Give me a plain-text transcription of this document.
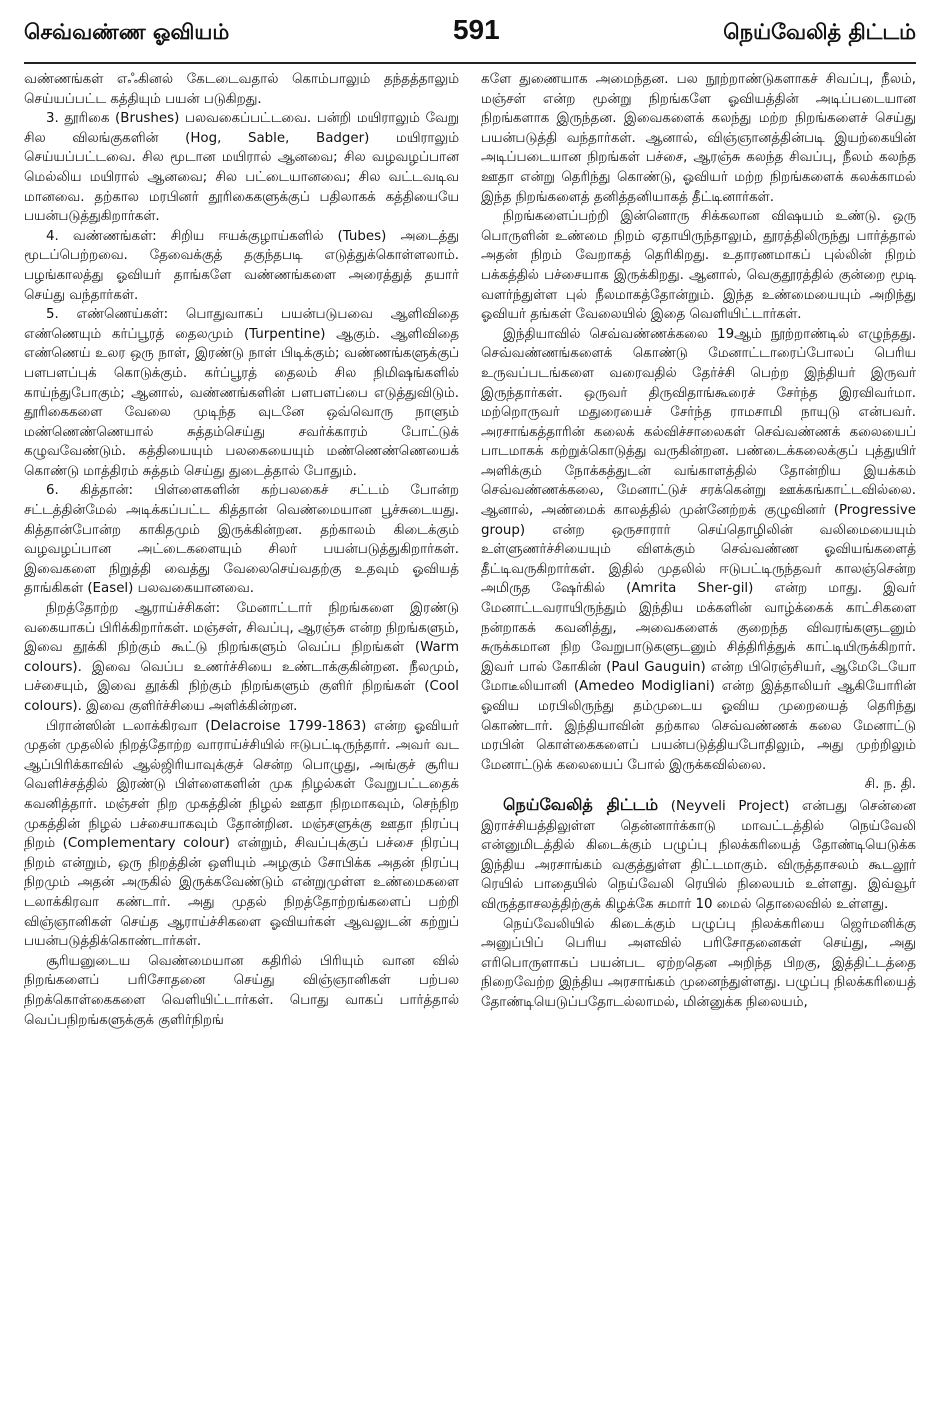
செவ்வண்ண ஓவியம்	591	நெய்வேலித் திட்டம்

வண்ணங்கள் எஃகினல் கேடடைவதால் கொம்பாலும் தந்தத்தாலும் செய்யப்பட்ட கத்தியும் பயன் படுகிறது.

3. தூரிகை (Brushes) பலவகைப்பட்டவை. பன்றி மயிராலும் வேறு சில விலங்குகளின் (Hog, Sable, Badger) மயிராலும் செய்யப்பட்டவை. சில மூடான மயிரால் ஆனவை; சில வழவழப்பான மெல்லிய மயிரால் ஆனவை; சில பட்டையானவை; சில வட்டவடிவ மானவை. தற்கால மரபினர் தூரிகைகளுக்குப் பதிலாகக் கத்தியையே பயன்படுத்துகிறார்கள்.

4. வண்ணங்கள்: சிறிய ஈயக்குழாய்களில் (Tubes) அடைத்து மூடப்பெற்றவை. தேவைக்குத் தகுந்தபடி எடுத்துக்கொள்ளலாம். பழங்காலத்து ஓவியர் தாங்களே வண்ணங்களை அரைத்துத் தயார் செய்து வந்தார்கள்.

5. எண்ணெய்கள்: பொதுவாகப் பயன்படுபவை ஆளிவிதை எண்ணெயும் கர்ப்பூரத் தைலமும் (Turpentine) ஆகும். ஆளிவிதை எண்ணெய் உலர ஒரு நாள், இரண்டு நாள் பிடிக்கும்; வண்ணங்களுக்குப் பளபளப்புக் கொடுக்கும். கர்ப்பூரத் தைலம் சில நிமிஷங்களில் காய்ந்துபோகும்; ஆனால், வண்ணங்களின் பளபளப்பை எடுத்துவிடும். தூரிகைகளை வேலை முடிந்த வுடனே ஒவ்வொரு நாளும் மண்ணெண்ணெயால் சுத்தம்செய்து சவர்க்காரம் போட்டுக் கழுவவேண்டும். கத்தியையும் பலகையையும் மண்ணெண்ணெயைக் கொண்டு மாத்திரம் சுத்தம் செய்து துடைத்தால் போதும்.

6. கித்தான்: பிள்ளைகளின் கற்பலகைச் சட்டம் போன்ற சட்டத்தின்மேல் அடிக்கப்பட்ட கித்தான் வெண்மையான பூச்சுடையது. கித்தான்போன்ற காகிதமும் இருக்கின்றன. தற்காலம் கிடைக்கும் வழவழப்பான அட்டைகளையும் சிலர் பயன்படுத்துகிறார்கள். இவைகளை நிறுத்தி வைத்து வேலைசெய்வதற்கு உதவும் ஓவியத் தாங்கிகள் (Easel) பலவகையானவை.

நிறத்தோற்ற ஆராய்ச்சிகள்: மேனாட்டார் நிறங்களை இரண்டு வகையாகப் பிரிக்கிறார்கள். மஞ்சள், சிவப்பு, ஆரஞ்சு என்ற நிறங்களும், இவை தூக்கி நிற்கும் கூட்டு நிறங்களும் வெப்ப நிறங்கள் (Warm colours). இவை வெப்ப உணர்ச்சியை உண்டாக்குகின்றன. நீலமும், பச்சையும், இவை தூக்கி நிற்கும் நிறங்களும் குளிர் நிறங்கள் (Cool colours). இவை குளிர்ச்சியை அளிக்கின்றன.

பிரான்ஸின் டலாக்கிரவா (Delacroise 1799-1863) என்ற ஓவியர் முதன் முதலில் நிறத்தோற்ற வாராய்ச்சியில் ஈடுபட்டிருந்தார். அவர் வட ஆப்பிரிக்காவில் ஆல்ஜிரியாவுக்குச் சென்ற பொழுது, அங்குச் சூரிய வெளிச்சத்தில் இரண்டு பிள்ளைகளின் முக நிழல்கள் வேறுபட்டதைக் கவனித்தார். மஞ்சள் நிற முகத்தின் நிழல் ஊதா நிறமாகவும், செந்நிற முகத்தின் நிழல் பச்சையாகவும் தோன்றின. மஞ்சளுக்கு ஊதா நிரப்பு நிறம் (Complementary colour) என்றும், சிவப்புக்குப் பச்சை நிரப்பு நிறம் என்றும், ஒரு நிறத்தின் ஒளியும் அழகும் சோபிக்க அதன் நிரப்பு நிறமும் அதன் அருகில் இருக்கவேண்டும் என்றுமுள்ள உண்மைகளை டலாக்கிரவா கண்டார். அது முதல் நிறத்தோற்றங்களைப் பற்றி விஞ்ஞானிகள் செய்த ஆராய்ச்சிகளை ஓவியர்கள் ஆவலுடன் கற்றுப் பயன்படுத்திக்கொண்டார்கள்.

சூரியனுடைய வெண்மையான கதிரில் பிரியும் வான வில் நிறங்களைப் பரிசோதனை செய்து விஞ்ஞானிகள் பற்பல நிறக்கொள்கைகளை வெளியிட்டார்கள். பொது வாகப் பார்த்தால் வெப்பநிறங்களுக்குக் குளிர்நிறங்

களே துணையாக அமைந்தன. பல நூற்றாண்டுகளாகச் சிவப்பு, நீலம், மஞ்சள் என்ற மூன்று நிறங்களே ஓவியத்தின் அடிப்படையான நிறங்களாக இருந்தன. இவைகளைக் கலந்து மற்ற நிறங்களைச் செய்து பயன்படுத்தி வந்தார்கள். ஆனால், விஞ்ஞானத்தின்படி இயற்கையின் அடிப்படையான நிறங்கள் பச்சை, ஆரஞ்சு கலந்த சிவப்பு, நீலம் கலந்த ஊதா என்று தெரிந்து கொண்டு, ஓவியர் மற்ற நிறங்களைக் கலக்காமல் இந்த நிறங்களைத் தனித்தனியாகத் தீட்டினார்கள்.

நிறங்களைப்பற்றி இன்னொரு சிக்கலான விஷயம் உண்டு. ஒரு பொருளின் உண்மை நிறம் ஏதாயிருந்தாலும், தூரத்திலிருந்து பார்த்தால் அதன் நிறம் வேறாகத் தெரிகிறது. உதாரணமாகப் புல்லின் நிறம் பக்கத்தில் பச்சையாக இருக்கிறது. ஆனால், வெகுதூரத்தில் குன்றை மூடி வளர்ந்துள்ள புல் நீலமாகத்தோன்றும். இந்த உண்மையையும் அறிந்து ஓவியர் தங்கள் வேலையில் இதை வெளியிட்டார்கள்.

இந்தியாவில் செவ்வண்ணக்கலை 19ஆம் நூற்றாண்டில் எழுந்தது. செவ்வண்ணங்களைக் கொண்டு மேனாட்டாரைப்போலப் பெரிய உருவப்படங்களை வரைவதில் தேர்ச்சி பெற்ற இந்தியர் இருவர் இருந்தார்கள். ஒருவர் திருவிதாங்கூரைச் சேர்ந்த இரவிவர்மா. மற்றொருவர் மதுரையைச் சேர்ந்த ராமசாமி நாயுடு என்பவர். அரசாங்கத்தாரின் கலைக் கல்விச்சாலைகள் செவ்வண்ணக் கலையைப் பாடமாகக் கற்றுக்கொடுத்து வருகின்றன. பண்டைக்கலைக்குப் புத்துயிர் அளிக்கும் நோக்கத்துடன் வங்காளத்தில் தோன்றிய இயக்கம் செவ்வண்ணக்கலை, மேனாட்டுச் சரக்கென்று ஊக்கங்காட்டவில்லை. ஆனால், அண்மைக் காலத்தில் முன்னேற்றக் குழுவினர் (Progressive group) என்ற ஒருசாரார் செய்தொழிலின் வலிமையையும் உள்ளுணர்ச்சியையும் விளக்கும் செவ்வண்ண ஓவியங்களைத் தீட்டிவருகிறார்கள். இதில் முதலில் ஈடுபட்டிருந்தவர் காலஞ்சென்ற அமிருத ஷேர்கில் (Amrita Sher-gil) என்ற மாது. இவர் மேனாட்டவராயிருந்தும் இந்திய மக்களின் வாழ்க்கைக் காட்சிகளை நன்றாகக் கவனித்து, அவைகளைக் குறைந்த விவரங்களுடனும் சுருக்கமான நிற வேறுபாடுகளுடனும் சித்திரித்துக் காட்டியிருக்கிறார். இவர் பால் கோகின் (Paul Gauguin) என்ற பிரெஞ்சியர், ஆமேடேயோ மோடீலியானி (Amedeo Modigliani) என்ற இத்தாலியர் ஆகியோரின் ஓவிய மரபிலிருந்து தம்முடைய ஓவிய முறையைத் தெரிந்து கொண்டார். இந்தியாவின் தற்கால செவ்வண்ணக் கலை மேனாட்டு மரபின் கொள்கைகளைப் பயன்படுத்தியபோதிலும், அது முற்றிலும் மேனாட்டுக் கலையைப் போல் இருக்கவில்லை.

சி. ந. தி.

நெய்வேலித் திட்டம் (Neyveli Project) என்பது சென்னை இராச்சியத்திலுள்ள தென்னார்க்காடு மாவட்டத்தில் நெய்வேலி என்னுமிடத்தில் கிடைக்கும் பழுப்பு நிலக்கரியைத் தோண்டியெடுக்க இந்திய அரசாங்கம் வகுத்துள்ள திட்டமாகும். விருத்தாசலம் கூடலூர் ரெயில் பாதையில் நெய்வேலி ரெயில் நிலையம் உள்ளது. இவ்வூர் விருத்தாசலத்திற்குக் கிழக்கே சுமார் 10 மைல் தொலைவில் உள்ளது.

நெய்வேலியில் கிடைக்கும் பழுப்பு நிலக்கரியை ஜெர்மனிக்கு அனுப்பிப் பெரிய அளவில் பரிசோதனைகள் செய்து, அது எரிபொருளாகப் பயன்பட ஏற்றதென அறிந்த பிறகு, இத்திட்டத்தை நிறைவேற்ற இந்திய அரசாங்கம் முனைந்துள்ளது. பழுப்பு நிலக்கரியைத் தோண்டியெடுப்பதோடல்லாமல், மின்னுக்க நிலையம்,
